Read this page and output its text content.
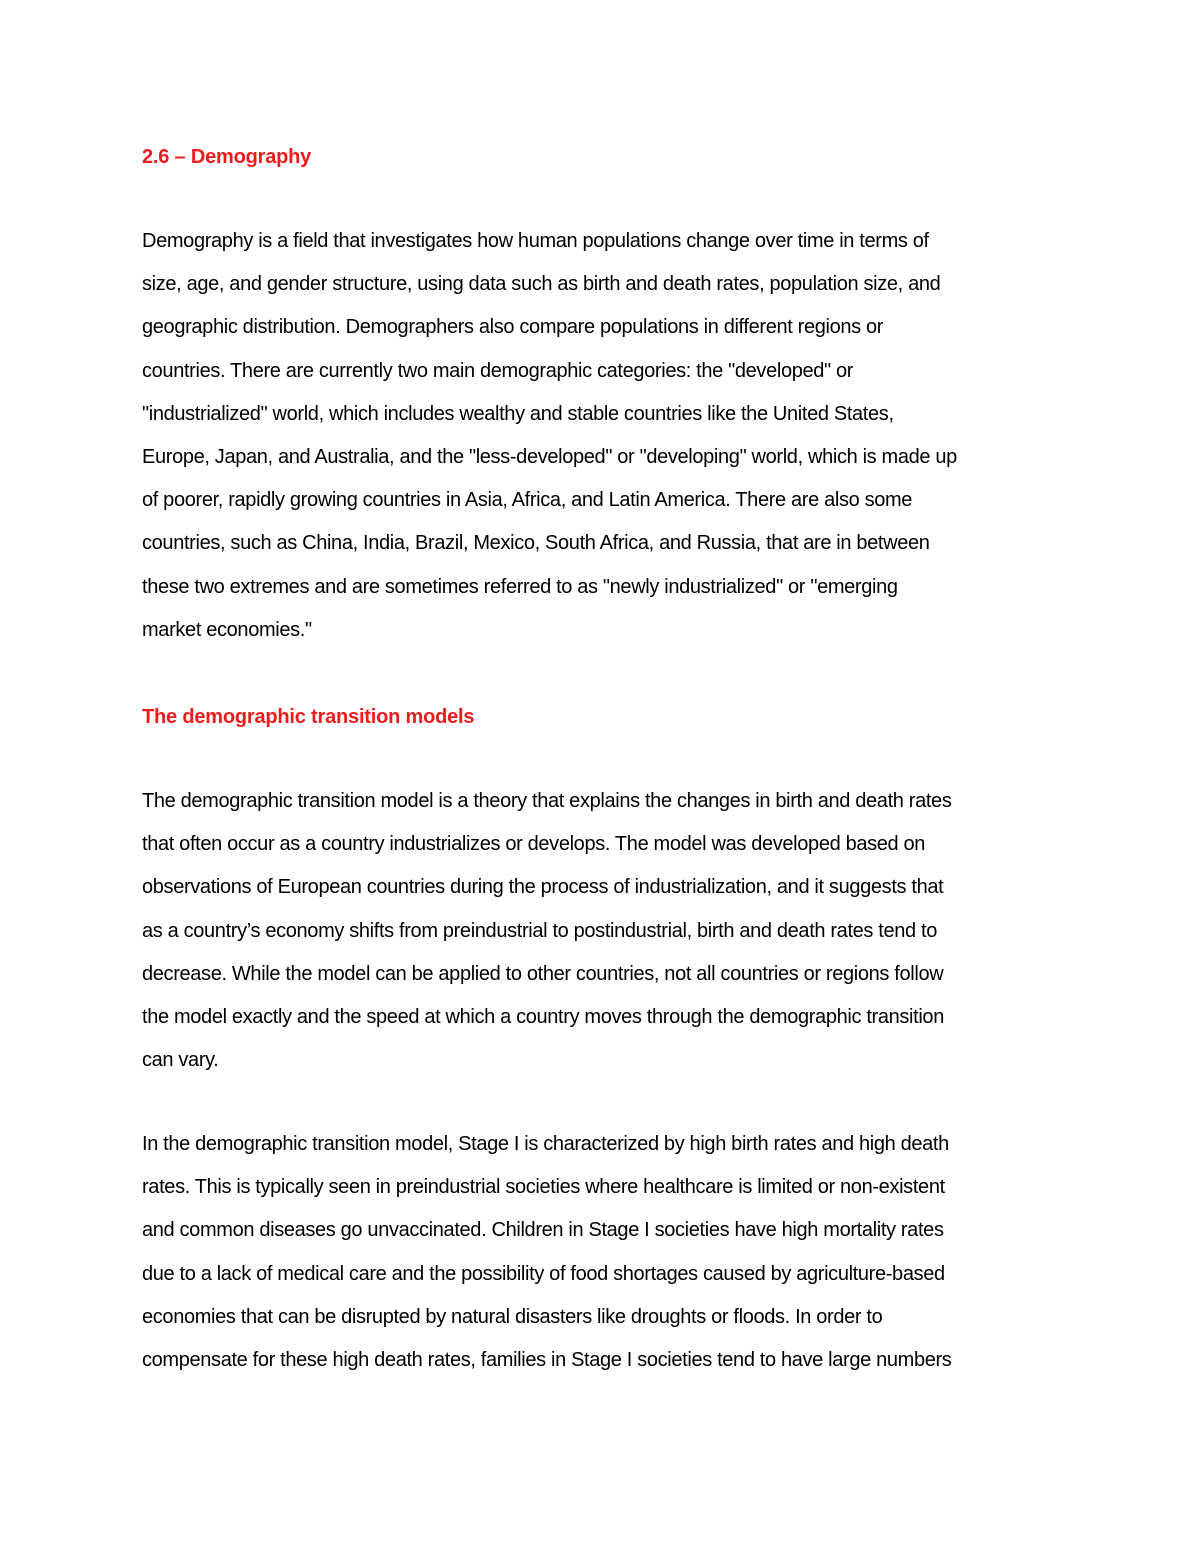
2.6 – Demography
Demography is a field that investigates how human populations change over time in terms of
size, age, and gender structure, using data such as birth and death rates, population size, and
geographic distribution. Demographers also compare populations in different regions or
countries. There are currently two main demographic categories: the "developed" or
"industrialized" world, which includes wealthy and stable countries like the United States,
Europe, Japan, and Australia, and the "less-developed" or "developing" world, which is made up
of poorer, rapidly growing countries in Asia, Africa, and Latin America. There are also some
countries, such as China, India, Brazil, Mexico, South Africa, and Russia, that are in between
these two extremes and are sometimes referred to as "newly industrialized" or "emerging
market economies."
The demographic transition models
The demographic transition model is a theory that explains the changes in birth and death rates
that often occur as a country industrializes or develops. The model was developed based on
observations of European countries during the process of industrialization, and it suggests that
as a country’s economy shifts from preindustrial to postindustrial, birth and death rates tend to
decrease. While the model can be applied to other countries, not all countries or regions follow
the model exactly and the speed at which a country moves through the demographic transition
can vary.
In the demographic transition model, Stage I is characterized by high birth rates and high death
rates. This is typically seen in preindustrial societies where healthcare is limited or non-existent
and common diseases go unvaccinated. Children in Stage I societies have high mortality rates
due to a lack of medical care and the possibility of food shortages caused by agriculture-based
economies that can be disrupted by natural disasters like droughts or floods. In order to
compensate for these high death rates, families in Stage I societies tend to have large numbers
